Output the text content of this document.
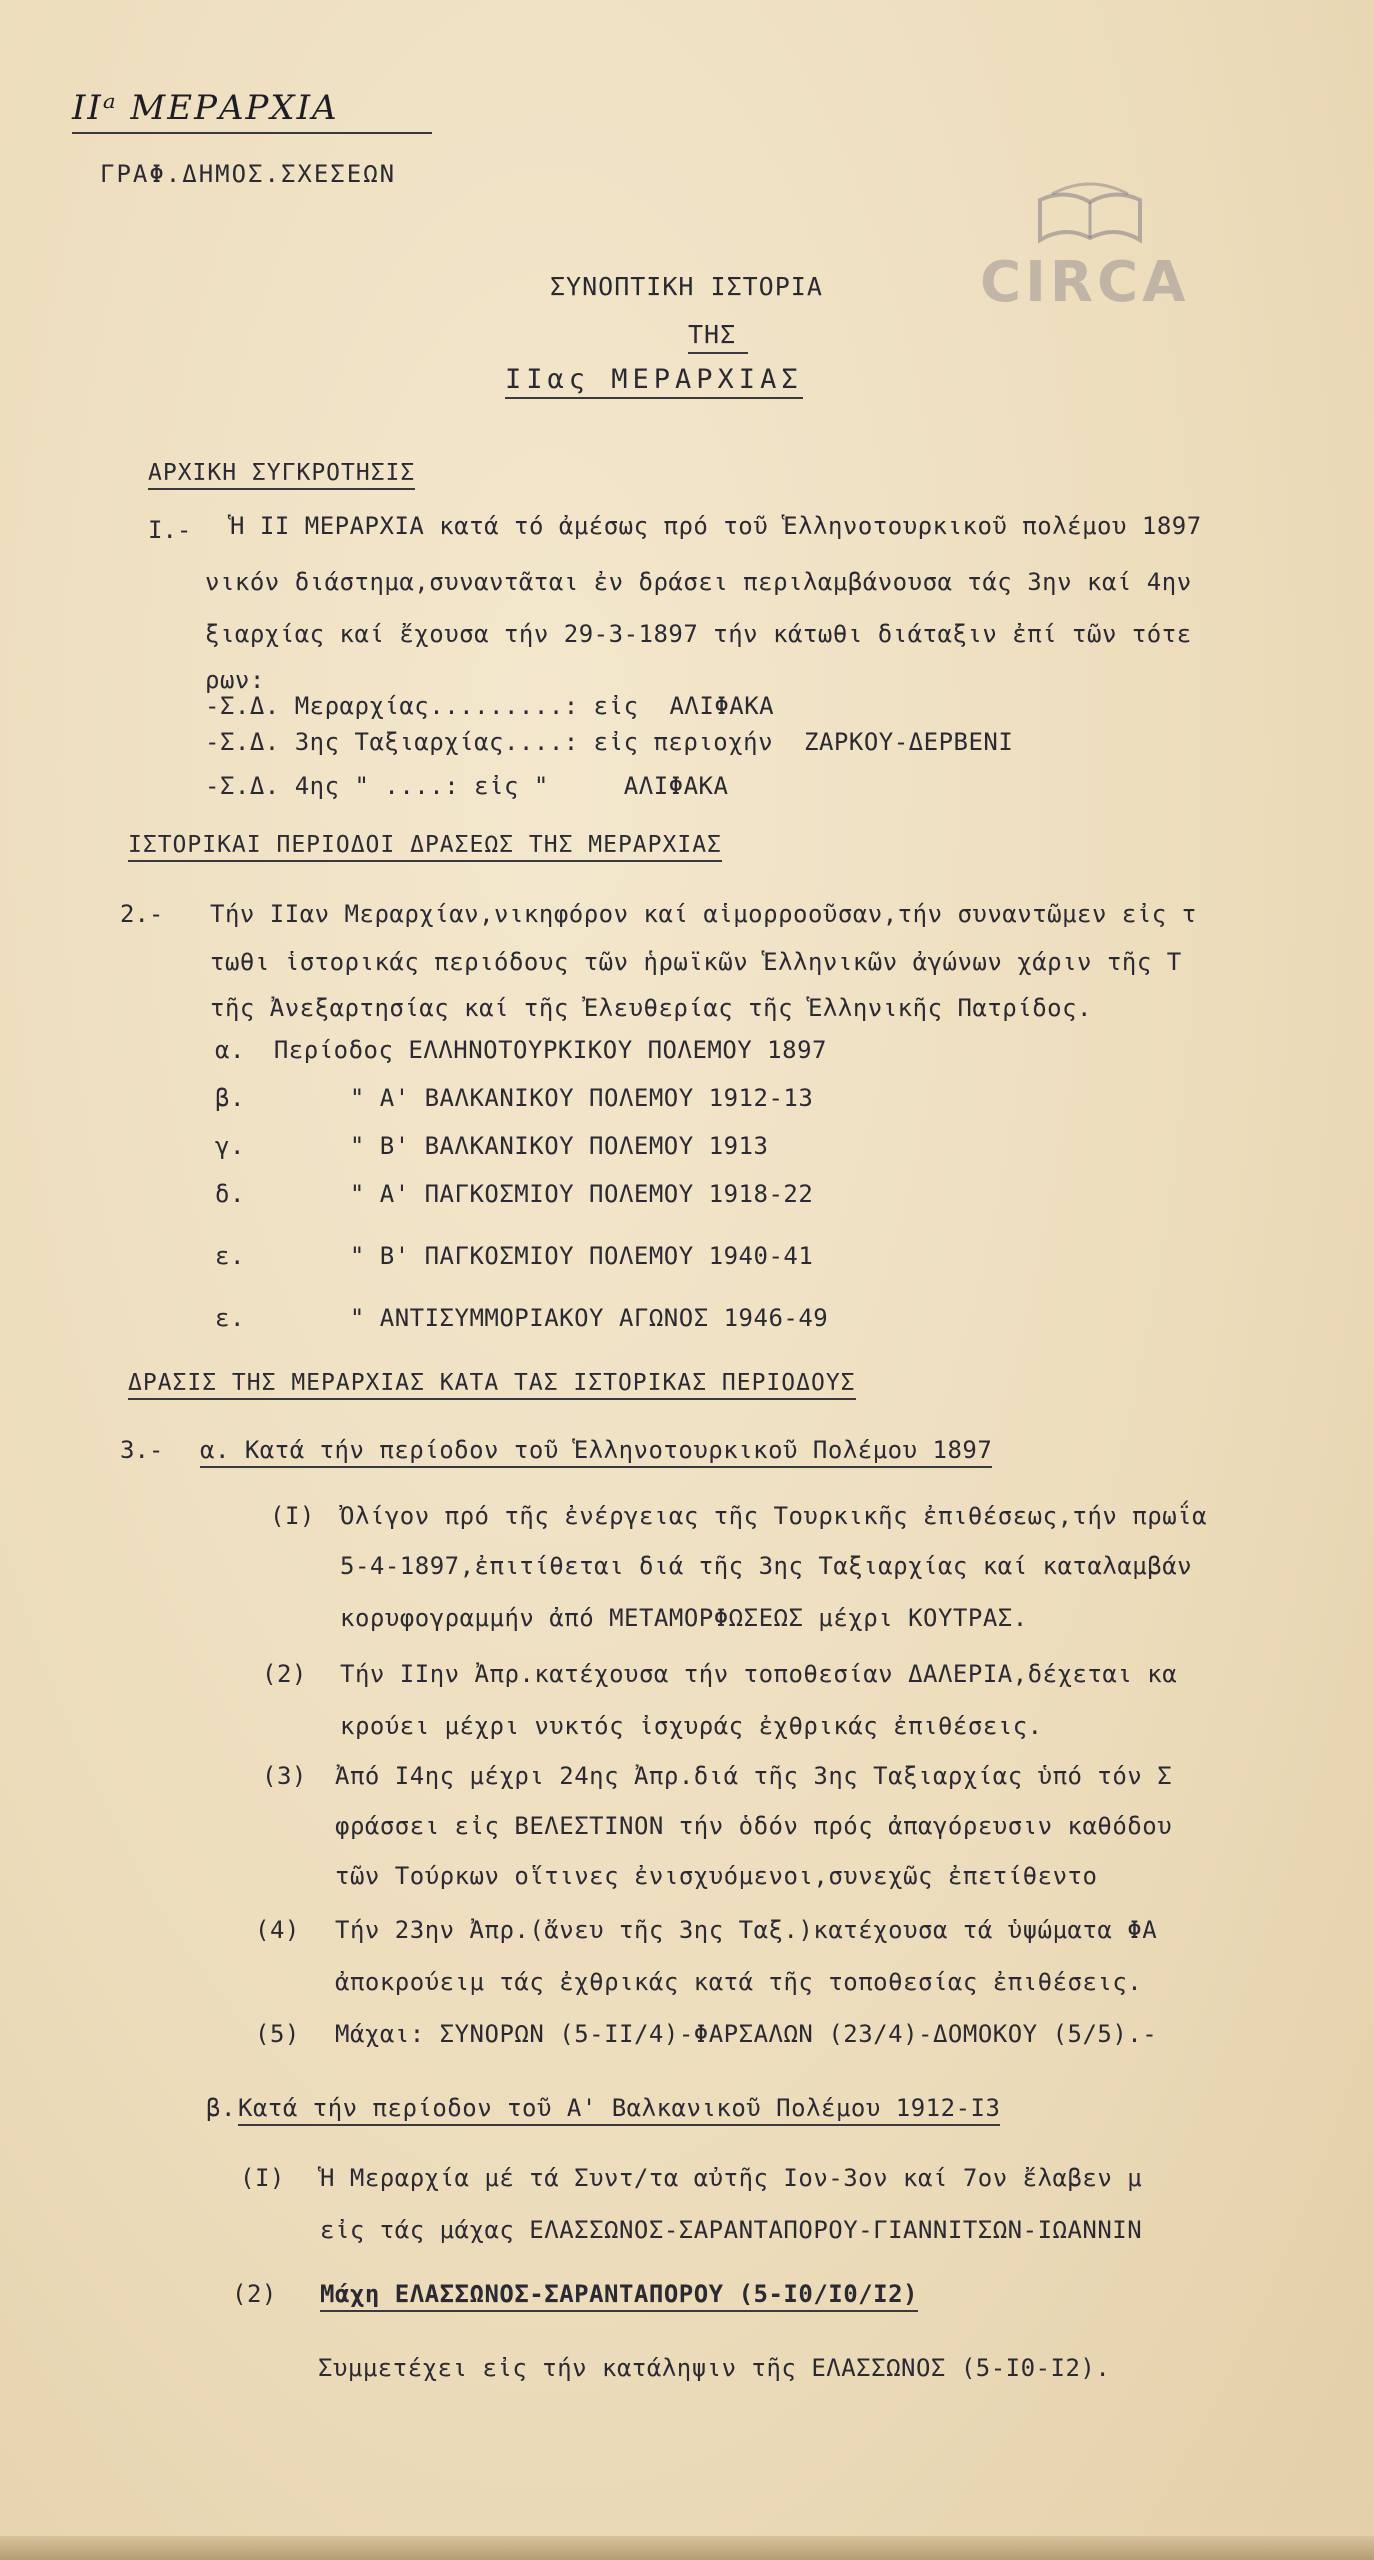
CIRCA
IIᵃ ΜΕΡΑΡΧΙΑ
ΓΡΑΦ.ΔΗΜΟΣ.ΣΧΕΣΕΩΝ
ΣΥΝΟΠΤΙΚΗ ΙΣΤΟΡΙΑ
ΤΗΣ
IIας ΜΕΡΑΡΧΙΑΣ
ΑΡΧΙΚΗ ΣΥΓΚΡΟΤΗΣΙΣ
I.- Ἡ II ΜΕΡΑΡΧΙΑ κατά τό ἀμέσως πρό τοῦ Ἑλληνοτουρκικοῦ πολέμου 1897
νικόν διάστημα,συναντᾶται ἐν δράσει περιλαμβάνουσα τάς 3ην καί 4ην
ξιαρχίας καί ἔχουσα τήν 29-3-1897 τήν κάτωθι διάταξιν ἐπί τῶν τότε
ρων:
-Σ.Δ. Μεραρχίας.........: εἰς ΑΛΙΦΑΚΑ
-Σ.Δ. 3ης Ταξιαρχίας....: εἰς περιοχήν ΖΑΡΚΟΥ-ΔΕΡΒΕΝΙ
-Σ.Δ. 4ης " ....: εἰς "	ΑΛΙΦΑΚΑ
ΙΣΤΟΡΙΚΑΙ ΠΕΡΙΟΔΟΙ ΔΡΑΣΕΩΣ ΤΗΣ ΜΕΡΑΡΧΙΑΣ
2.- Τήν IIαν Μεραρχίαν,νικηφόρον καί αἱμορροοῦσαν,τήν συναντῶμεν εἰς τ
τωθι ἱστορικάς περιόδους τῶν ἡρωϊκῶν Ἑλληνικῶν ἀγώνων χάριν τῆς Τ
τῆς Ἀνεξαρτησίας καί τῆς Ἐλευθερίας τῆς Ἑλληνικῆς Πατρίδος.
α. Περίοδος ΕΛΛΗΝΟΤΟΥΡΚΙΚΟΥ ΠΟΛΕΜΟΥ 1897
β.	" Α' ΒΑΛΚΑΝΙΚΟΥ ΠΟΛΕΜΟΥ 1912-13
γ.	" Β' ΒΑΛΚΑΝΙΚΟΥ ΠΟΛΕΜΟΥ 1913
δ.	" Α' ΠΑΓΚΟΣΜΙΟΥ ΠΟΛΕΜΟΥ 1918-22
ε.	" Β' ΠΑΓΚΟΣΜΙΟΥ ΠΟΛΕΜΟΥ 1940-41
ε.	" ΑΝΤΙΣΥΜΜΟΡΙΑΚΟΥ ΑΓΩΝΟΣ 1946-49
ΔΡΑΣΙΣ ΤΗΣ ΜΕΡΑΡΧΙΑΣ ΚΑΤΑ ΤΑΣ ΙΣΤΟΡΙΚΑΣ ΠΕΡΙΟΔΟΥΣ
3.- α. Κατά τήν περίοδον τοῦ Ἑλληνοτουρκικοῦ Πολέμου 1897
(I) Ὀλίγον πρό τῆς ἐνέργειας τῆς Τουρκικῆς ἐπιθέσεως,τήν πρωΐα
5-4-1897,ἐπιτίθεται διά τῆς 3ης Ταξιαρχίας καί καταλαμβάν
κορυφογραμμήν ἀπό ΜΕΤΑΜΟΡΦΩΣΕΩΣ μέχρι ΚΟΥΤΡΑΣ.
(2) Τήν IIην Ἀπρ.κατέχουσα τήν τοποθεσίαν ΔΑΛΕΡΙΑ,δέχεται κα
κρούει μέχρι νυκτός ἰσχυράς ἐχθρικάς ἐπιθέσεις.
(3) Ἀπό I4ης μέχρι 24ης Ἀπρ.διά τῆς 3ης Ταξιαρχίας ὑπό τόν Σ
φράσσει εἰς ΒΕΛΕΣΤΙΝΟΝ τήν ὁδόν πρός ἀπαγόρευσιν καθόδου
τῶν Τούρκων οἵτινες ἐνισχυόμενοι,συνεχῶς ἐπετίθεντο
(4) Τήν 23ην Ἀπρ.(ἄνευ τῆς 3ης Ταξ.)κατέχουσα τά ὑψώματα ΦΑ
ἀποκρούειμ τάς ἐχθρικάς κατά τῆς τοποθεσίας ἐπιθέσεις.
(5) Μάχαι: ΣΥΝΟΡΩΝ (5-II/4)-ΦΑΡΣΑΛΩΝ (23/4)-ΔΟΜΟΚΟΥ (5/5).-
β. Κατά τήν περίοδον τοῦ Α' Βαλκανικοῦ Πολέμου 1912-I3
(I) Ἡ Μεραρχία μέ τά Συντ/τα αὐτῆς Ιον-3ον καί 7ον ἔλαβεν μ
εἰς τάς μάχας ΕΛΑΣΣΩΝΟΣ-ΣΑΡΑΝΤΑΠΟΡΟΥ-ΓΙΑΝΝΙΤΣΩΝ-ΙΩΑΝΝΙΝ
(2) Μάχη ΕΛΑΣΣΩΝΟΣ-ΣΑΡΑΝΤΑΠΟΡΟΥ (5-I0/I0/I2)
Συμμετέχει εἰς τήν κατάληψιν τῆς ΕΛΑΣΣΩΝΟΣ (5-I0-I2).
